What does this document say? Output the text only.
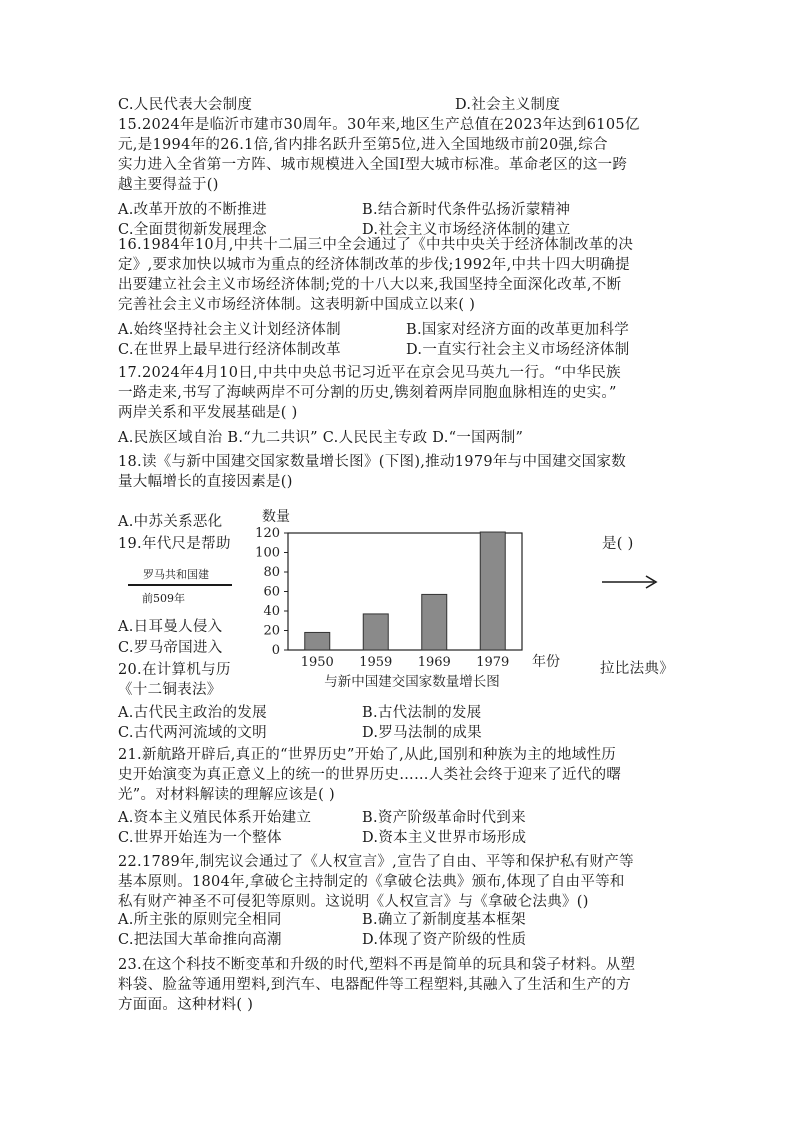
C.人民代表大会制度	D.社会主义制度
15.2024年是临沂市建市30周年。30年来,地区生产总值在2023年达到6105亿
元,是1994年的26.1倍,省内排名跃升至第5位,进入全国地级市前20强,综合
实力进入全省第一方阵、城市规模进入全国Ⅰ型大城市标准。革命老区的这一跨
越主要得益于()
A.改革开放的不断推进	B.结合新时代条件弘扬沂蒙精神
C.全面贯彻新发展理念	D.社会主义市场经济体制的建立
16.1984年10月,中共十二届三中全会通过了《中共中央关于经济体制改革的决
定》,要求加快以城市为重点的经济体制改革的步伐;1992年,中共十四大明确提
出要建立社会主义市场经济体制;党的十八大以来,我国坚持全面深化改革,不断
完善社会主义市场经济体制。这表明新中国成立以来( )
A.始终坚持社会主义计划经济体制	B.国家对经济方面的改革更加科学
C.在世界上最早进行经济体制改革	D.一直实行社会主义市场经济体制
17.2024年4月10日,中共中央总书记习近平在京会见马英九一行。“中华民族
一路走来,书写了海峡两岸不可分割的历史,镌刻着两岸同胞血脉相连的史实。”
两岸关系和平发展基础是( )
A.民族区域自治 B.“九二共识” C.人民民主专政 D.“一国两制”
18.读《与新中国建交国家数量增长图》(下图),推动1979年与中国建交国家数
量大幅增长的直接因素是()
A.中苏关系恶化
19.年代尺是帮助
A.日耳曼人侵入
C.罗马帝国进入
20.在计算机与历
《十二铜表法》
A.古代民主政治的发展	B.古代法制的发展
C.古代两河流域的文明	D.罗马法制的成果
21.新航路开辟后,真正的“世界历史”开始了,从此,国别和种族为主的地域性历
史开始演变为真正意义上的统一的世界历史……人类社会终于迎来了近代的曙
光”。对材料解读的理解应该是( )
A.资本主义殖民体系开始建立	B.资产阶级革命时代到来
C.世界开始连为一个整体	D.资本主义世界市场形成
22.1789年,制宪议会通过了《人权宣言》,宣告了自由、平等和保护私有财产等
基本原则。1804年,拿破仑主持制定的《拿破仑法典》颁布,体现了自由平等和
私有财产神圣不可侵犯等原则。这说明《人权宣言》与《拿破仑法典》()
A.所主张的原则完全相同	B.确立了新制度基本框架
C.把法国大革命推向高潮	D.体现了资产阶级的性质
23.在这个科技不断变革和升级的时代,塑料不再是简单的玩具和袋子材料。从塑
料袋、脸盆等通用塑料,到汽车、电器配件等工程塑料,其融入了生活和生产的方
方面面。这种材料( )
是( )
拉比法典》
罗马共和国建
前509年
0
20
40
60
80
100
120
数量
1950 1959 1969 1979 年份
与新中国建交国家数量增长图
